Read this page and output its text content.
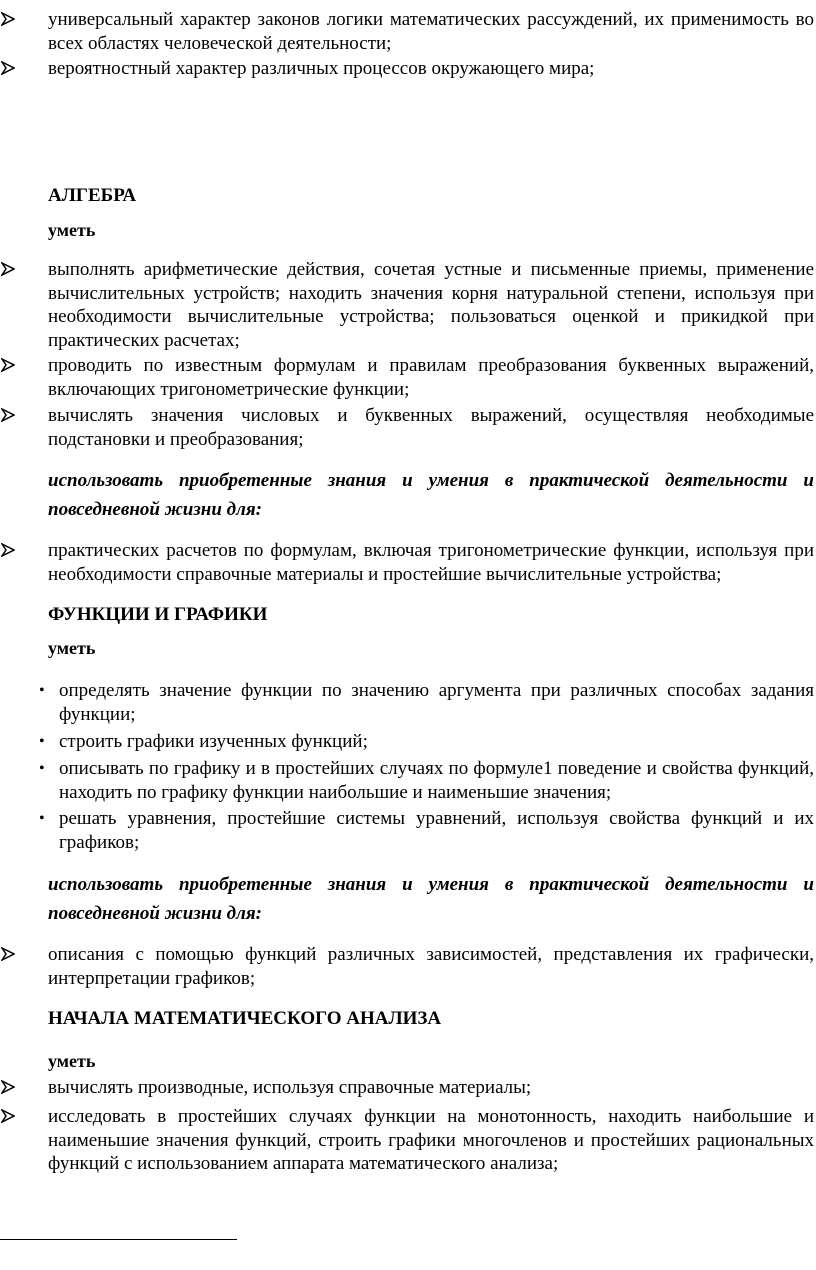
универсальный характер законов логики математических рассуждений, их применимость во всех областях человеческой деятельности;
вероятностный характер различных процессов окружающего мира;
АЛГЕБРА
уметь
выполнять арифметические действия, сочетая устные и письменные приемы, применение вычислительных устройств; находить значения корня натуральной степени, используя при необходимости вычислительные устройства; пользоваться оценкой и прикидкой при практических расчетах;
проводить по известным формулам и правилам преобразования буквенных выражений, включающих тригонометрические функции;
вычислять значения числовых и буквенных выражений, осуществляя необходимые подстановки и преобразования;
использовать приобретенные знания и умения в практической деятельности и повседневной жизни для:
практических расчетов по формулам, включая тригонометрические функции, используя при необходимости справочные материалы и простейшие вычислительные устройства;
ФУНКЦИИ И ГРАФИКИ
уметь
• определять значение функции по значению аргумента при различных способах задания функции;
• строить графики изученных функций;
• описывать по графику и в простейших случаях по формуле1 поведение и свойства функций, находить по графику функции наибольшие и наименьшие значения;
• решать уравнения, простейшие системы уравнений, используя свойства функций и их графиков;
использовать приобретенные знания и умения в практической деятельности и повседневной жизни для:
описания с помощью функций различных зависимостей, представления их графически, интерпретации графиков;
НАЧАЛА МАТЕМАТИЧЕСКОГО АНАЛИЗА
уметь
вычислять производные, используя справочные материалы;
исследовать в простейших случаях функции на монотонность, находить наибольшие и наименьшие значения функций, строить графики многочленов и простейших рациональных функций с использованием аппарата математического анализа;
